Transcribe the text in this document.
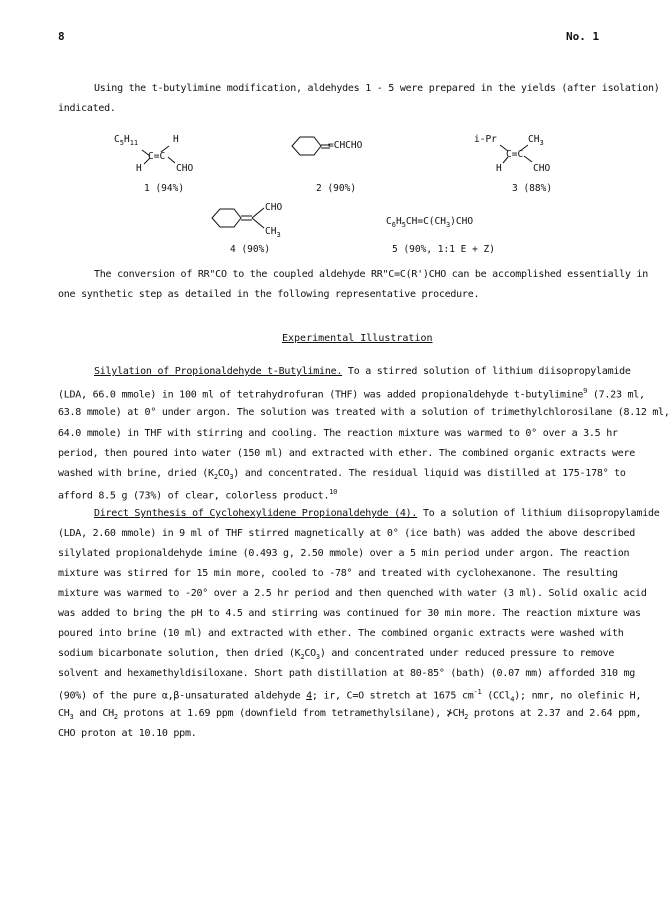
8	No. 1
Using the t-butylimine modification, aldehydes 1 - 5 were prepared in the yields (after isolation)
indicated.
$C_5H_{11}$	H
C=C
H	CHO
1 (94%)
=CHCHO
2 (90%)
i-Pr	$CH_3$
C=C
H	CHO
3 (88%)
CHO
$CH_3$
4 (90%)
$C_6H_5CH=C(CH_3)CHO$
5 (90%, 1:1 E + Z)
The conversion of RR"CO to the coupled aldehyde RR"C=C(R')CHO can be accomplished essentially in
one synthetic step as detailed in the following representative procedure.
Experimental Illustration
Silylation of Propionaldehyde t-Butylimine. To a stirred solution of lithium diisopropylamide
(LDA, 66.0 mmole) in 100 ml of tetrahydrofuran (THF) was added propionaldehyde t-butylimine$^9$ (7.23 ml,
63.8 mmole) at 0° under argon. The solution was treated with a solution of trimethylchlorosilane (8.12 ml,
64.0 mmole) in THF with stirring and cooling. The reaction mixture was warmed to 0° over a 3.5 hr
period, then poured into water (150 ml) and extracted with ether. The combined organic extracts were
washed with brine, dried $(K_2CO_3)$ and concentrated. The residual liquid was distilled at 175-178° to
afford 8.5 g (73%) of clear, colorless product.$^{10}$
Direct Synthesis of Cyclohexylidene Propionaldehyde (4). To a solution of lithium diisopropylamide
(LDA, 2.60 mmole) in 9 ml of THF stirred magnetically at 0° (ice bath) was added the above described
silylated propionaldehyde imine (0.493 g, 2.50 mmole) over a 5 min period under argon. The reaction
mixture was stirred for 15 min more, cooled to -78° and treated with cyclohexanone. The resulting
mixture was warmed to -20° over a 2.5 hr period and then quenched with water (3 ml). Solid oxalic acid
was added to bring the pH to 4.5 and stirring was continued for 30 min more. The reaction mixture was
poured into brine (10 ml) and extracted with ether. The combined organic extracts were washed with
sodium bicarbonate solution, then dried $(K_2CO_3)$ and concentrated under reduced pressure to remove
solvent and hexamethyldisiloxane. Short path distillation at 80-85° (bath) (0.07 mm) afforded 310 mg
(90%) of the pure α,β-unsaturated aldehyde 4; ir, C=O stretch at 1675 $cm^{-1}$ (CCl$_4$); nmr, no olefinic H,
$CH_3$ and $CH_2$ protons at 1.69 ppm (downfield from tetramethylsilane), $⊁CH_2$ protons at 2.37 and 2.64 ppm,
CHO proton at 10.10 ppm.
